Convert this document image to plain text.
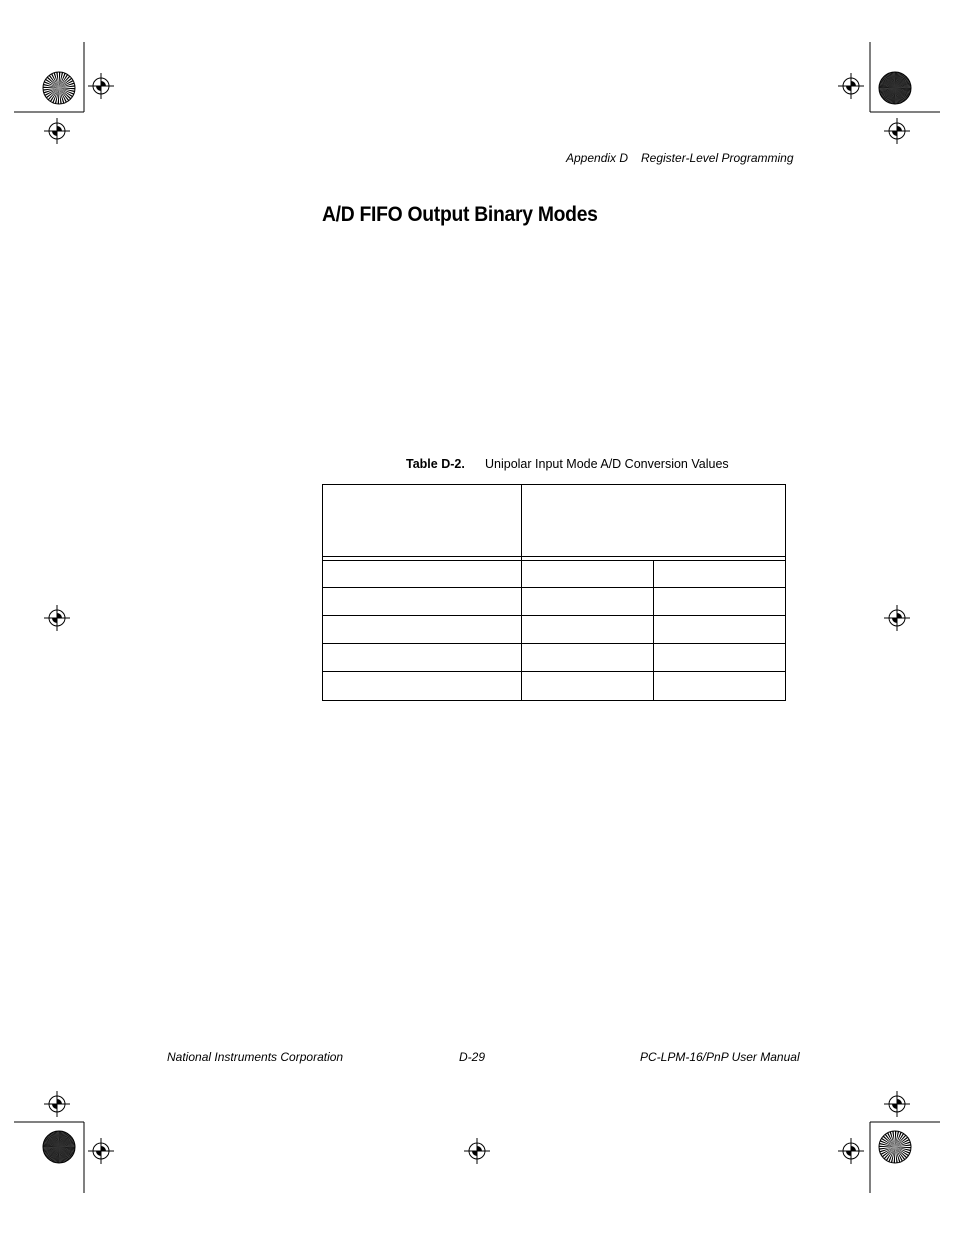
Appendix D Register-Level Programming
A/D FIFO Output Binary Modes
Table D-2. Unipolar Input Mode A/D Conversion Values
National Instruments Corporation	D-29	PC-LPM-16/PnP User Manual
